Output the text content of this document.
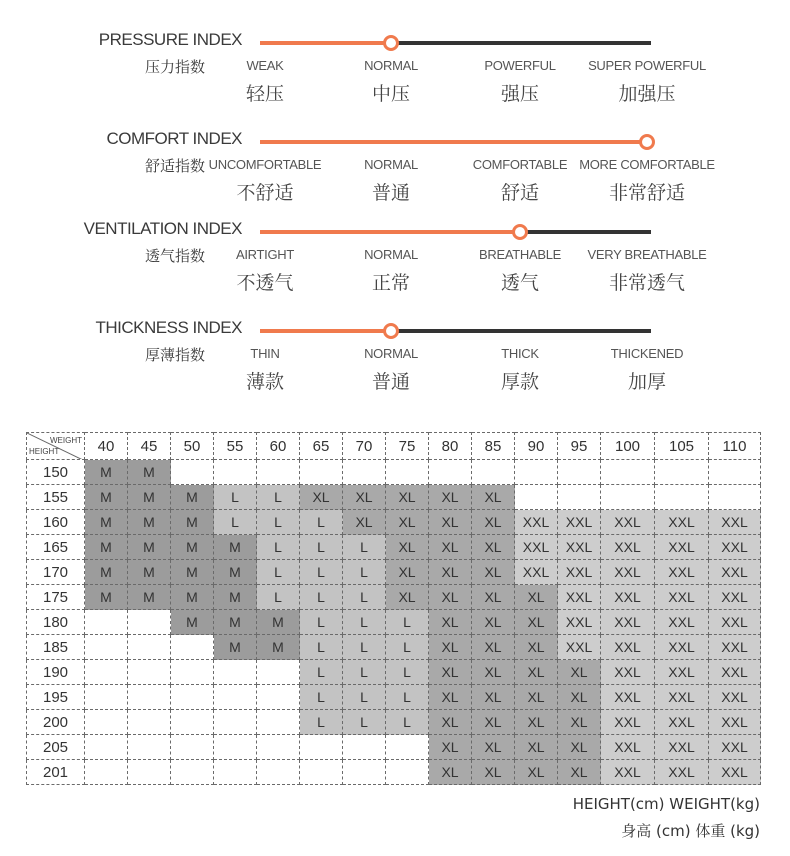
PRESSURE INDEX
压力指数	WEAK
轻压
NORMAL
中压
POWERFUL
强压
SUPER POWERFUL
加强压
COMFORT INDEX
舒适指数 UNCOMFORTABLE
不舒适
NORMAL
普通
COMFORTABLE
舒适
MORE COMFORTABLE
非常舒适
VENTILATION INDEX
透气指数	AIRTIGHT
不透气
NORMAL
正常
BREATHABLE
透气
VERY BREATHABLE
非常透气
THICKNESS INDEX
厚薄指数	THIN
薄款
NORMAL
普通
THICK
厚款
THICKENED
加厚
WEIGHT
HEIGHT	40	45	50	55	60	65	70	75	80	85	90	95	100	105	110
150	M	M													
155	M	M	M	L	L	XL	XL	XL	XL	XL					
160	M	M	M	L	L	L	XL	XL	XL	XL	XXL	XXL	XXL	XXL	XXL
165	M	M	M	M	L	L	L	XL	XL	XL	XXL	XXL	XXL	XXL	XXL
170	M	M	M	M	L	L	L	XL	XL	XL	XXL	XXL	XXL	XXL	XXL
175	M	M	M	M	L	L	L	XL	XL	XL	XL	XXL	XXL	XXL	XXL
180			M	M	M	L	L	L	XL	XL	XL	XXL	XXL	XXL	XXL
185				M	M	L	L	L	XL	XL	XL	XXL	XXL	XXL	XXL
190						L	L	L	XL	XL	XL	XL	XXL	XXL	XXL
195						L	L	L	XL	XL	XL	XL	XXL	XXL	XXL
200						L	L	L	XL	XL	XL	XL	XXL	XXL	XXL
205									XL	XL	XL	XL	XXL	XXL	XXL
201									XL	XL	XL	XL	XXL	XXL	XXL
HEIGHT(cm) WEIGHT(kg)
身高 (cm) 体重 (kg)
